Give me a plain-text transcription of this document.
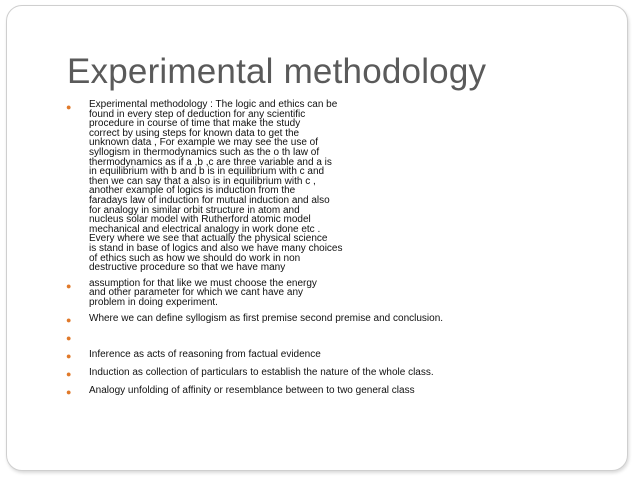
Experimental methodology
● Experimental methodology : The logic and ethics can be
found in every step of deduction for any scientific
procedure in course of time that make the study
correct by using steps for known data to get the
unknown data , For example we may see the use of
syllogism in thermodynamics such as the o th law of
thermodynamics as if a ,b ,c are three variable and a is
in equilibrium with b and b is in equilibrium with c and
then we can say that a also is in equilibrium with c ,
another example of logics is induction from the
faradays law of induction for mutual induction and also
for analogy in similar orbit structure in atom and
nucleus solar model with Rutherford atomic model
mechanical and electrical analogy in work done etc .
Every where we see that actually the physical science
is stand in base of logics and also we have many choices
of ethics such as how we should do work in non
destructive procedure so that we have many
● assumption for that like we must choose the energy
and other parameter for which we cant have any
problem in doing experiment.
● Where we can define syllogism as first premise second premise and conclusion.
●

● Inference as acts of reasoning from factual evidence
● Induction as collection of particulars to establish the nature of the whole class.
● Analogy unfolding of affinity or resemblance between to two general class
